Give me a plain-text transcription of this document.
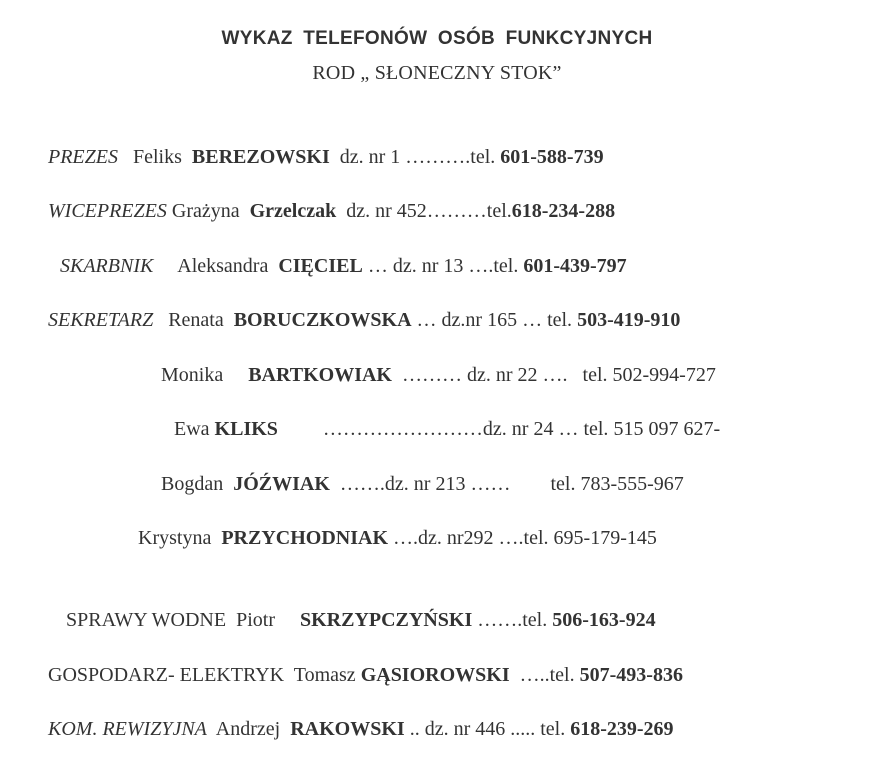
WYKAZ TELEFONÓW OSÓB FUNKCYJNYCH
ROD „ SŁONECZNY STOK”
PREZES Feliks BEREZOWSKI dz. nr 1 ……….tel. 601-588-739
WICEPREZES Grażyna Grzelczak dz. nr 452………tel.618-234-288
SKARBNIK Aleksandra CIĘCIEL … dz. nr 13 ….tel. 601-439-797
SEKRETARZ Renata BORUCZKOWSKA … dz.nr 165 … tel. 503-419-910
Monika BARTKOWIAK ……… dz. nr 22 …. tel. 502-994-727
Ewa KLIKS ……………………dz. nr 24 … tel. 515 097 627-
Bogdan JÓŹWIAK …….dz. nr 213 …… tel. 783-555-967
Krystyna PRZYCHODNIAK ….dz. nr292 ….tel. 695-179-145
SPRAWY WODNE Piotr SKRZYPCZYŃSKI …….tel. 506-163-924
GOSPODARZ- ELEKTRYK Tomasz GĄSIOROWSKI …..tel. 507-493-836
KOM. REWIZYJNA Andrzej RAKOWSKI .. dz. nr 446 ..... tel. 618-239-269
